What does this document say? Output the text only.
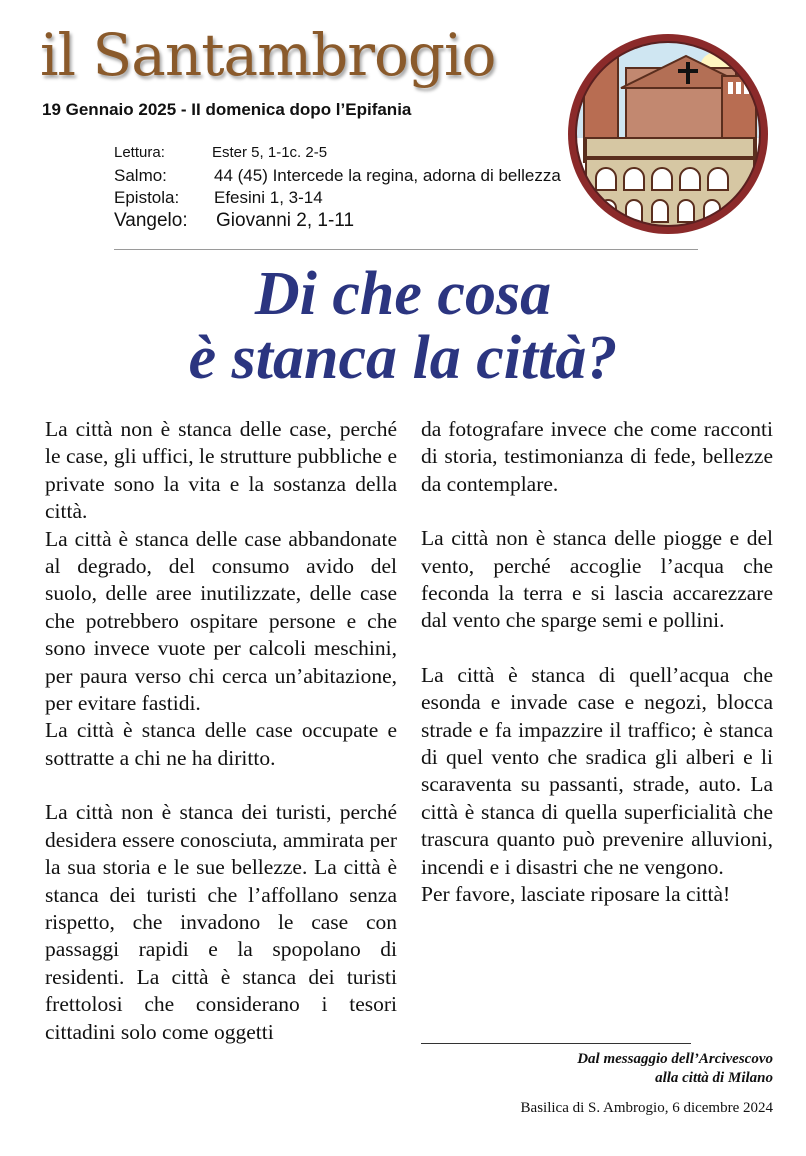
il Santambrogio
19 Gennaio 2025 - II domenica dopo l’Epifania
Lettura:	Ester 5, 1-1c. 2-5
Salmo:	44 (45) Intercede la regina, adorna di bellezza
Epistola: Efesini 1, 3-14
Vangelo: Giovanni 2, 1-11
Di che cosa
è stanca la città?

La città non è stanca delle case, perché le case, gli uffici, le strutture pubbliche e private sono la vita e la sostanza della città.

La città è stanca delle case abbandonate al degrado, del consumo avido del suolo, delle aree inutilizzate, delle case che potrebbero ospitare persone e che sono invece vuote per calcoli meschini, per paura verso chi cerca un’abitazione, per evitare fastidi.

La città è stanca delle case occupate e sottratte a chi ne ha diritto.

La città non è stanca dei turisti, perché desidera essere conosciuta, ammirata per la sua storia e le sue bellezze. La città è stanca dei turisti che l’affollano senza rispetto, che invadono le case con passaggi rapidi e la spopolano di residenti. La città è stanca dei turisti frettolosi che considerano i tesori cittadini solo come oggetti

da fotografare invece che come racconti di storia, testimonianza di fede, bellezze da contemplare.

La città non è stanca delle piogge e del vento, perché accoglie l’acqua che feconda la terra e si lascia accarezzare dal vento che sparge semi e pollini.

La città è stanca di quell’acqua che esonda e invade case e negozi, blocca strade e fa impazzire il traffico; è stanca di quel vento che sradica gli alberi e li scaraventa su passanti, strade, auto. La città è stanca di quella superficialità che trascura quanto può prevenire alluvioni, incendi e i disastri che ne vengono.

Per favore, lasciate riposare la città!

Dal messaggio dell’Arcivescovo
alla città di Milano
Basilica di S. Ambrogio, 6 dicembre 2024
